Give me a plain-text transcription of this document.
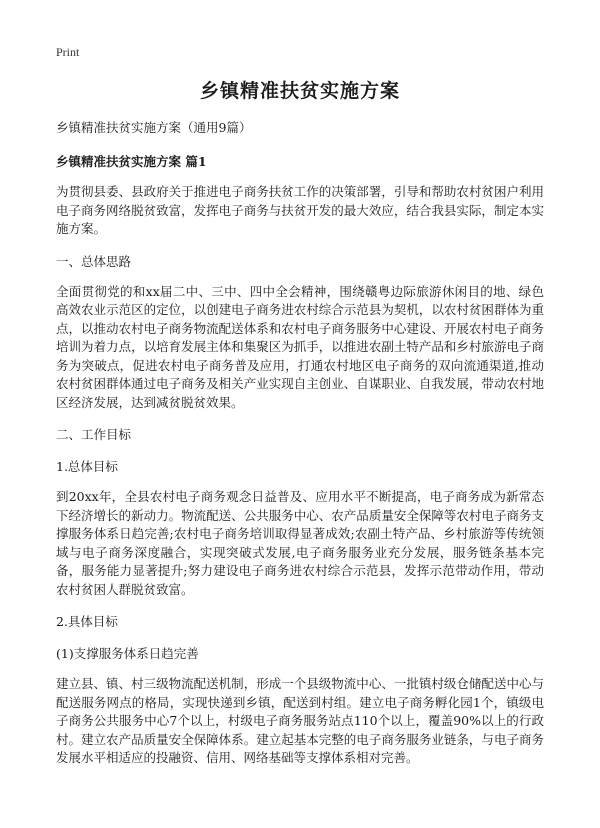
Print

乡镇精准扶贫实施方案

乡镇精准扶贫实施方案（通用9篇）

乡镇精准扶贫实施方案 篇1

为贯彻县委、县政府关于推进电子商务扶贫工作的决策部署，引导和帮助农村贫困户利用电子商务网络脱贫致富，发挥电子商务与扶贫开发的最大效应，结合我县实际，制定本实施方案。

一、总体思路

全面贯彻党的和xx届二中、三中、四中全会精神，围绕赣粤边际旅游休闲目的地、绿色高效农业示范区的定位，以创建电子商务进农村综合示范县为契机，以农村贫困群体为重点，以推动农村电子商务物流配送体系和农村电子商务服务中心建设、开展农村电子商务培训为着力点，以培育发展主体和集聚区为抓手，以推进农副土特产品和乡村旅游电子商务为突破点，促进农村电子商务普及应用，打通农村地区电子商务的双向流通渠道,推动农村贫困群体通过电子商务及相关产业实现自主创业、自谋职业、自我发展，带动农村地区经济发展，达到减贫脱贫效果。

二、工作目标

1.总体目标

到20xx年，全县农村电子商务观念日益普及、应用水平不断提高，电子商务成为新常态下经济增长的新动力。物流配送、公共服务中心、农产品质量安全保障等农村电子商务支撑服务体系日趋完善;农村电子商务培训取得显著成效;农副土特产品、乡村旅游等传统领域与电子商务深度融合，实现突破式发展,电子商务服务业充分发展，服务链条基本完备，服务能力显著提升;努力建设电子商务进农村综合示范县，发挥示范带动作用，带动农村贫困人群脱贫致富。

2.具体目标

(1)支撑服务体系日趋完善

建立县、镇、村三级物流配送机制，形成一个县级物流中心、一批镇村级仓储配送中心与配送服务网点的格局，实现快递到乡镇，配送到村组。建立电子商务孵化园1个，镇级电子商务公共服务中心7个以上，村级电子商务服务站点110个以上，覆盖90%以上的行政村。建立农产品质量安全保障体系。建立起基本完整的电子商务服务业链条，与电子商务发展水平相适应的投融资、信用、网络基础等支撑体系相对完善。
